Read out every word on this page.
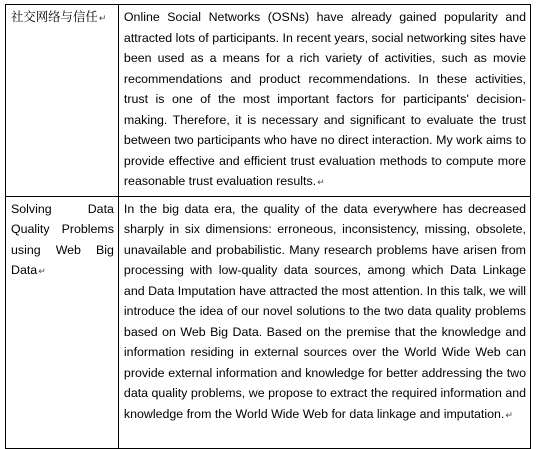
社交网络与信任↵	Online Social Networks (OSNs) have already gained popularity and attracted lots of participants. In recent years, social networking sites have been used as a means for a rich variety of activities, such as movie recommendations and product recommendations. In these activities, trust is one of the most important factors for participants' decision-making. Therefore, it is necessary and significant to evaluate the trust between two participants who have no direct interaction. My work aims to provide effective and efficient trust evaluation methods to compute more reasonable trust evaluation results.↵
Solving Data Quality Problems using Web Big Data↵	In the big data era, the quality of the data everywhere has decreased sharply in six dimensions: erroneous, inconsistency, missing, obsolete, unavailable and probabilistic. Many research problems have arisen from processing with low-quality data sources, among which Data Linkage and Data Imputation have attracted the most attention. In this talk, we will introduce the idea of our novel solutions to the two data quality problems based on Web Big Data. Based on the premise that the knowledge and information residing in external sources over the World Wide Web can provide external information and knowledge for better addressing the two data quality problems, we propose to extract the required information and knowledge from the World Wide Web for data linkage and imputation.↵
